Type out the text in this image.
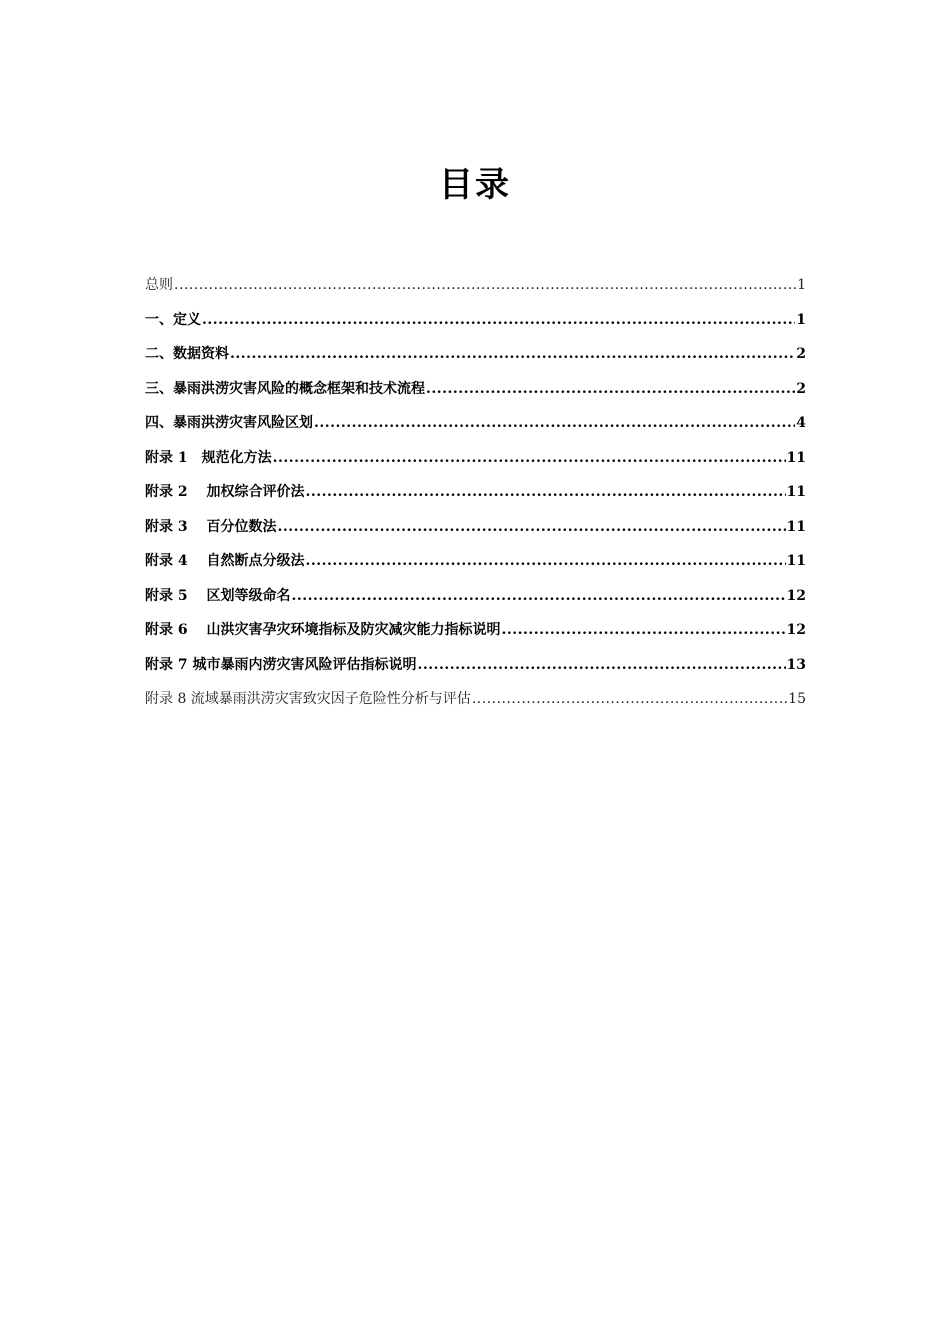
目录
总则 .....	1
一、定义 .....	1
二、数据资料 .....	2
三、暴雨洪涝灾害风险的概念框架和技术流程 .....	2
四、暴雨洪涝灾害风险区划 .....	4
附录 1　规范化方法 .....	11
附录 2　 加权综合评价法 .....	11
附录 3　 百分位数法 .....	11
附录 4　 自然断点分级法 .....	11
附录 5　 区划等级命名 .....	12
附录 6　 山洪灾害孕灾环境指标及防灾减灾能力指标说明 .....	12
附录 7 城市暴雨内涝灾害风险评估指标说明 .....	13
附录 8 流域暴雨洪涝灾害致灾因子危险性分析与评估 .....	15
